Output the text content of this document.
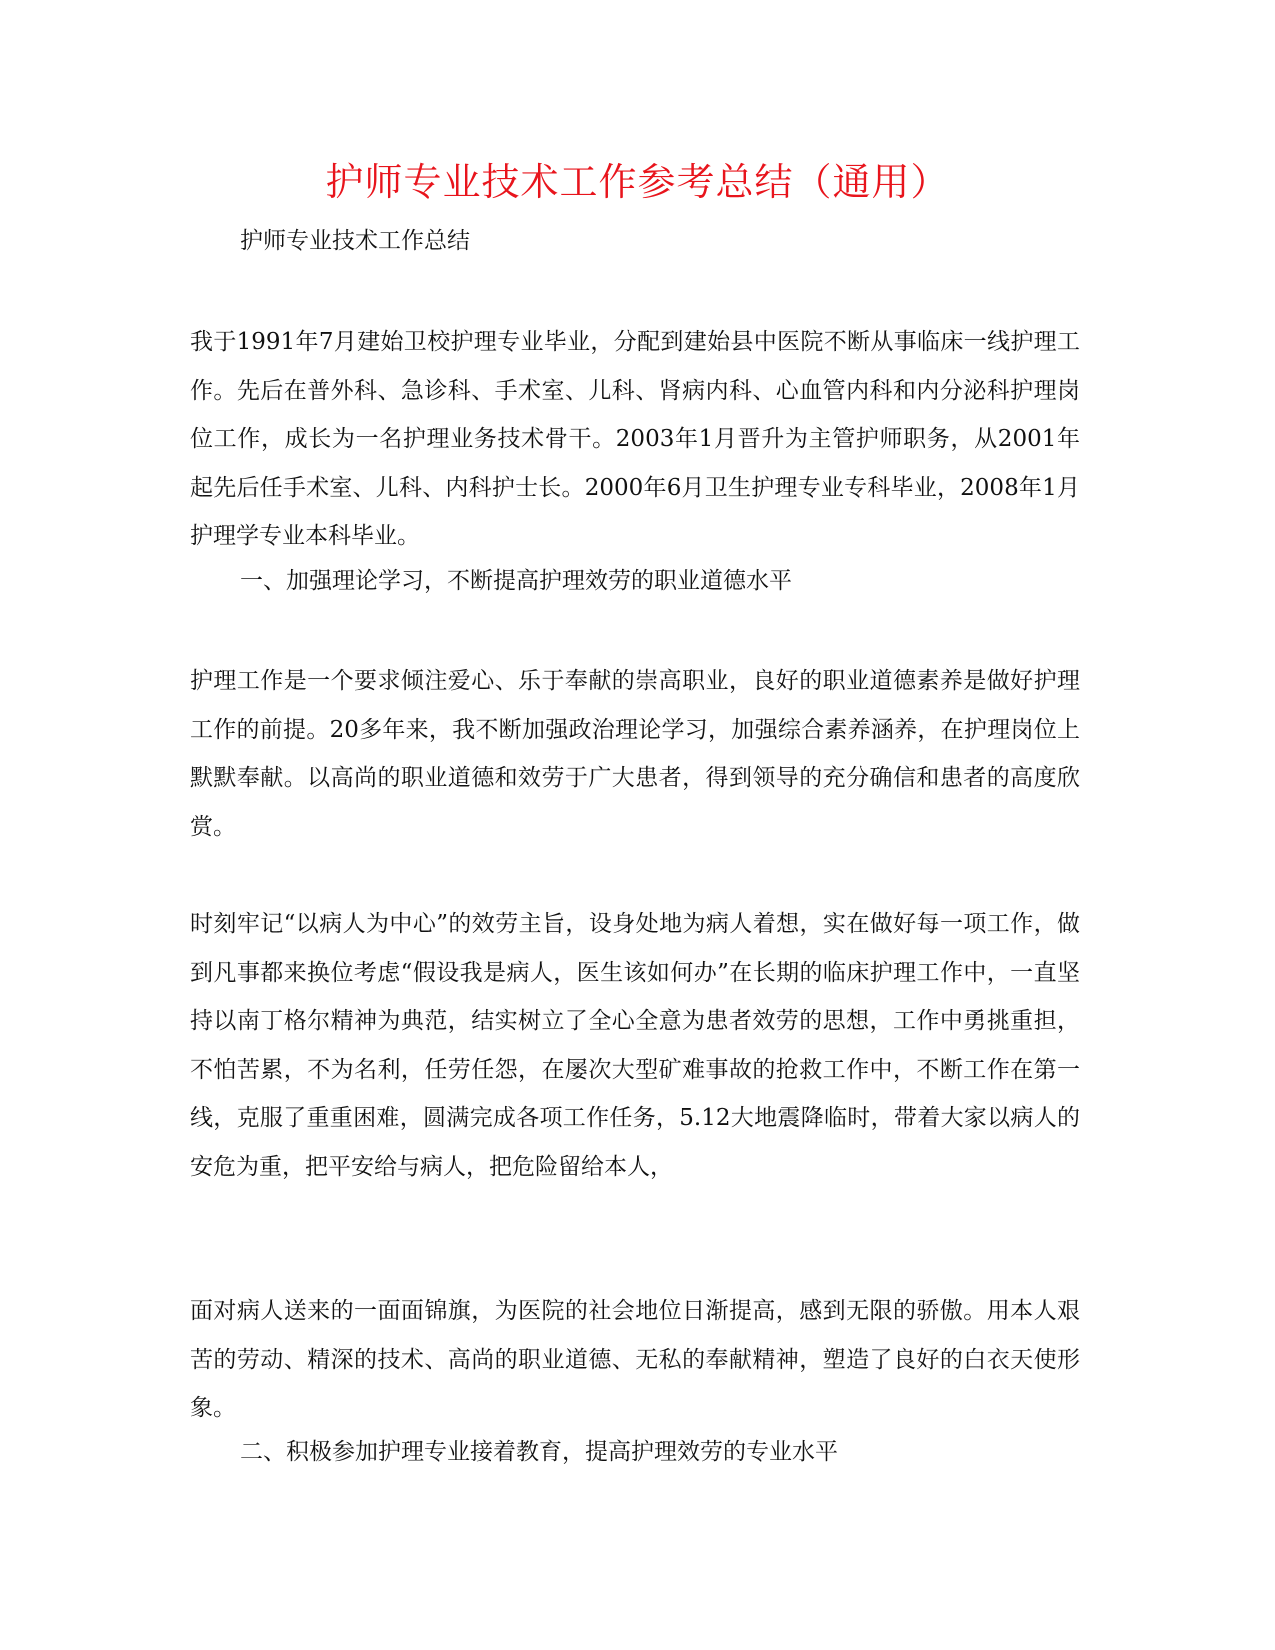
护师专业技术工作参考总结（通用）

护师专业技术工作总结

我于1991年7月建始卫校护理专业毕业，分配到建始县中医院不断从事临床一线护理工作。先后在普外科、急诊科、手术室、儿科、肾病内科、心血管内科和内分泌科护理岗位工作，成长为一名护理业务技术骨干。2003年1月晋升为主管护师职务，从2001年起先后任手术室、儿科、内科护士长。2000年6月卫生护理专业专科毕业，2008年1月护理学专业本科毕业。

一、加强理论学习，不断提高护理效劳的职业道德水平

护理工作是一个要求倾注爱心、乐于奉献的崇高职业，良好的职业道德素养是做好护理工作的前提。20多年来，我不断加强政治理论学习，加强综合素养涵养，在护理岗位上默默奉献。以高尚的职业道德和效劳于广大患者，得到领导的充分确信和患者的高度欣赏。

时刻牢记“以病人为中心”的效劳主旨，设身处地为病人着想，实在做好每一项工作，做到凡事都来换位考虑“假设我是病人，医生该如何办”在长期的临床护理工作中，一直坚持以南丁格尔精神为典范，结实树立了全心全意为患者效劳的思想，工作中勇挑重担，不怕苦累，不为名利，任劳任怨，在屡次大型矿难事故的抢救工作中，不断工作在第一线，克服了重重困难，圆满完成各项工作任务，5.12大地震降临时，带着大家以病人的安危为重，把平安给与病人，把危险留给本人，

面对病人送来的一面面锦旗，为医院的社会地位日渐提高，感到无限的骄傲。用本人艰苦的劳动、精深的技术、高尚的职业道德、无私的奉献精神，塑造了良好的白衣天使形象。

二、积极参加护理专业接着教育，提高护理效劳的专业水平
